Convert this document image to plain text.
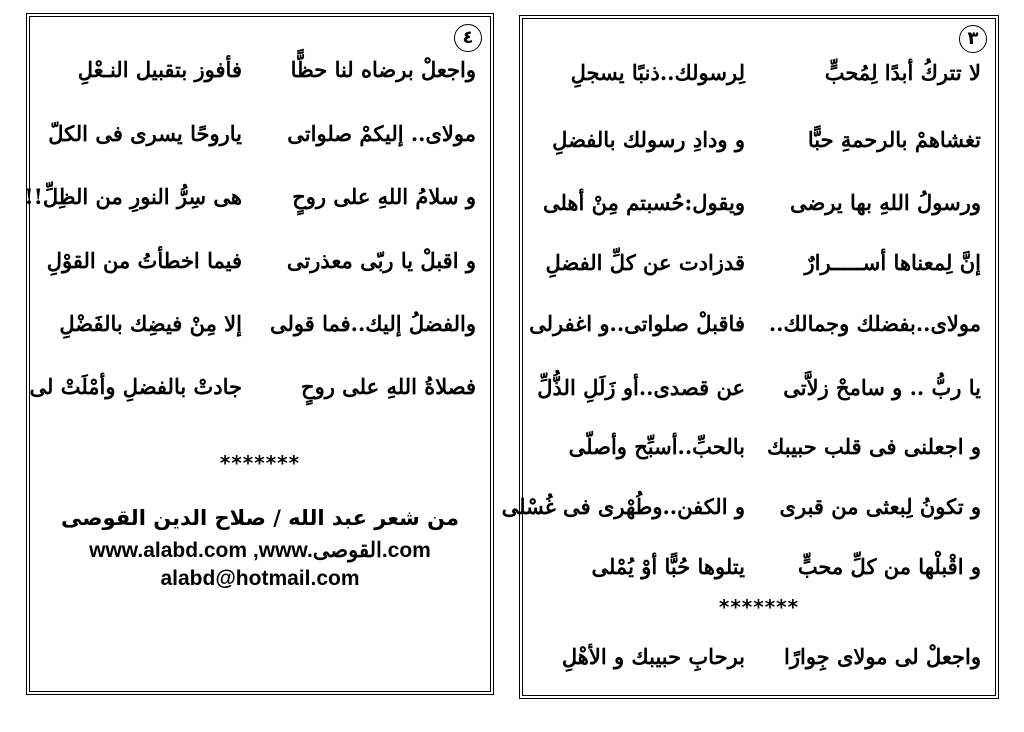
٤
واجعلْ برضاه لنا حظًّا
فأفوز بتقبيل النـعْلِ
مولاى.. إليكمْ صلواتى
ياروحًا يسرى فى الكلّ
و سلامُ اللهِ على روحٍ
هى سِرُّ النورِ من الظِلِّ!!
و اقبلْ يا ربّى معذرتى
فيما اخطأتُ من القوْلِ
والفضلُ إليك..فما قولى
إلا مِنْ فيضِك بالفَضْلِ
فصلاةُ اللهِ على روحٍ
جادتْ بالفضلِ وأمْلَتْ لى
*******
من شعر عبد الله / صلاح الدين القوصى
www.alabd.com ,www.القوصى.com
alabd@hotmail.com
٣
لا تتركُ أبدًا لِمُحبٍّ
لِرسولك..ذنبًا يسجلِ
تغشاهمْ بالرحمةِ حبًّا
و ودادِ رسولك بالفضلِ
ورسولُ اللهِ بها يرضى
ويقول:حُسبتم مِنْ أهلى
إنَّ لِمعناها أســـــرارٌ
قدزادت عن كلِّ الفضلِ
مولاى..بفضلك وجمالك..
فاقبلْ صلواتى..و اغفرلى
يا ربُّ .. و سامحْ زلاَّتى
عن قصدى..أو زَلَلِ الذُّلِّ
و اجعلنى فى قلب حبيبك
بالحبِّ..أسبِّح وأصلّى
و تكونُ لِبعثى من قبرى
و الكفن..وطُهْرى فى غُسْلى
و اقْبلْها من كلِّ محبٍّ
يتلوها حُبًّا أوْ يُمْلى
*******
واجعلْ لى مولاى جِوارًا
برحابِ حبيبك و الأهْلِ
